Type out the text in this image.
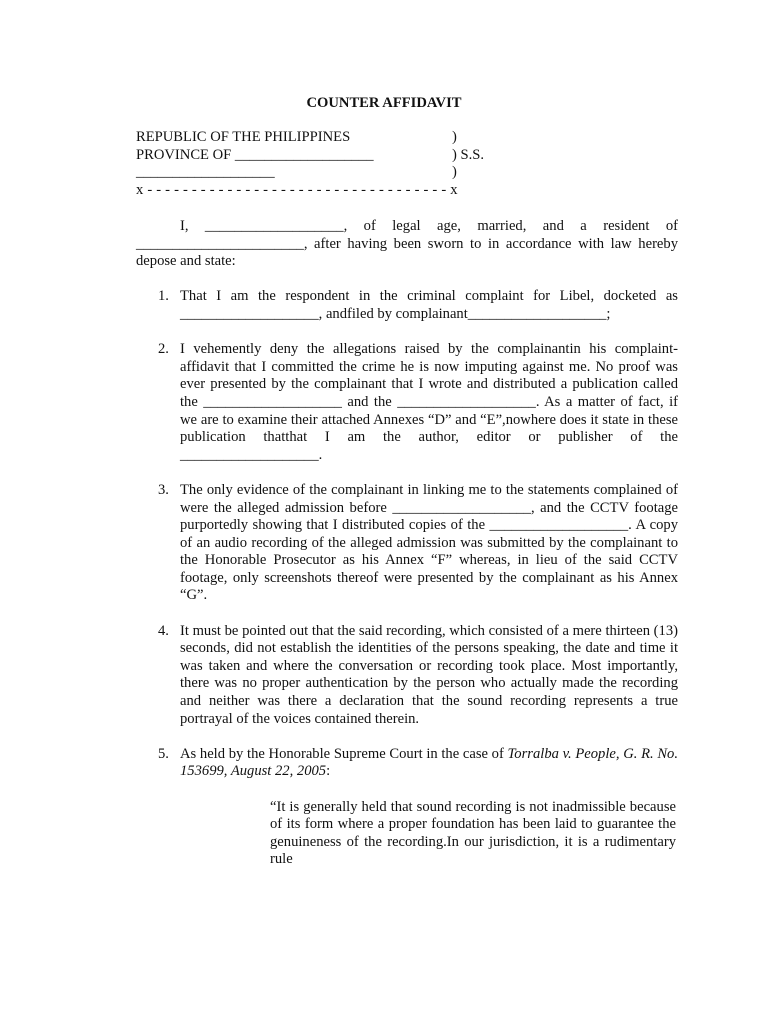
COUNTER AFFIDAVIT
REPUBLIC OF THE PHILIPPINES	)
PROVINCE OF ___________________	) S.S.
___________________	)
x - - - - - - - - - - - - - - - - - - - - - - - - - - - - - - - - - - x

I, ___________________, of legal age, married, and a resident of _______________________, after having been sworn to in accordance with law hereby depose and state:

1. That I am the respondent in the criminal complaint for Libel, docketed as ___________________, andfiled by complainant___________________;

2. I vehemently deny the allegations raised by the complainantin his complaint-affidavit that I committed the crime he is now imputing against me. No proof was ever presented by the complainant that I wrote and distributed a publication called the ___________________ and the ___________________. As a matter of fact, if we are to examine their attached Annexes “D” and “E”,nowhere does it state in these publication thatthat I am the author, editor or publisher of the ___________________.

3. The only evidence of the complainant in linking me to the statements complained of were the alleged admission before ___________________, and the CCTV footage purportedly showing that I distributed copies of the ___________________. A copy of an audio recording of the alleged admission was submitted by the complainant to the Honorable Prosecutor as his Annex “F” whereas, in lieu of the said CCTV footage, only screenshots thereof were presented by the complainant as his Annex “G”.

4. It must be pointed out that the said recording, which consisted of a mere thirteen (13) seconds, did not establish the identities of the persons speaking, the date and time it was taken and where the conversation or recording took place. Most importantly, there was no proper authentication by the person who actually made the recording and neither was there a declaration that the sound recording represents a true portrayal of the voices contained therein.

5. As held by the Honorable Supreme Court in the case of Torralba v. People, G. R. No. 153699, August 22, 2005:

“It is generally held that sound recording is not inadmissible because of its form where a proper foundation has been laid to guarantee the genuineness of the recording.In our jurisdiction, it is a rudimentary rule
